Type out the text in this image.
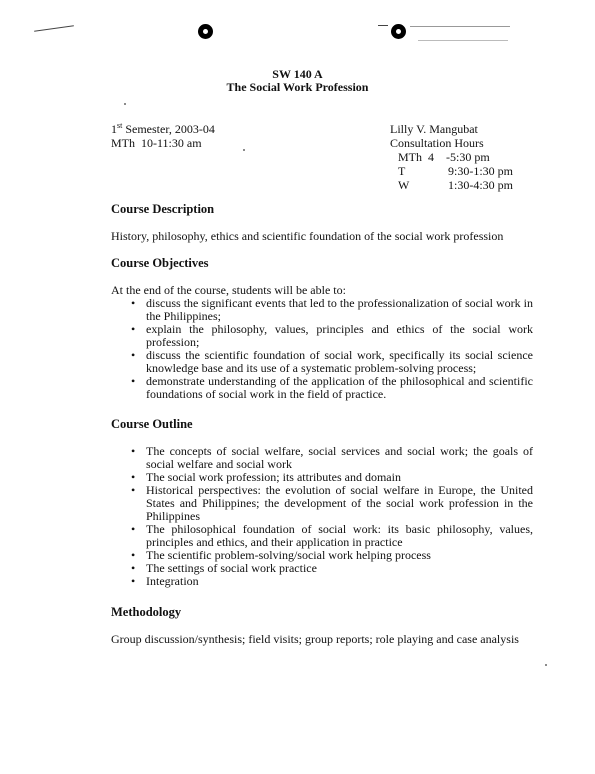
SW 140 A
The Social Work Profession
1st Semester, 2003-04
MTh  10-11:30 am
Lilly V. Mangubat
Consultation Hours
MTh 4    -5:30 pm
T	9:30-1:30 pm
W	1:30-4:30 pm
Course Description
History, philosophy, ethics and scientific foundation of the social work profession
Course Objectives
At the end of the course, students will be able to:
• discuss the significant events that led to the professionalization of social work in the Philippines;
• explain the philosophy, values, principles and ethics of the social work profession;
• discuss the scientific foundation of social work, specifically its social science knowledge base and its use of a systematic problem-solving process;
• demonstrate understanding of the application of the philosophical and scientific foundations of social work in the field of practice.
Course Outline
• The concepts of social welfare, social services and social work; the goals of social welfare and social work
• The social work profession; its attributes and domain
• Historical perspectives: the evolution of social welfare in Europe, the United States and Philippines; the development of the social work profession in the Philippines
• The philosophical foundation of social work: its basic philosophy, values, principles and ethics, and their application in practice
• The scientific problem-solving/social work helping process
• The settings of social work practice
• Integration
Methodology
Group discussion/synthesis; field visits; group reports; role playing and case analysis
